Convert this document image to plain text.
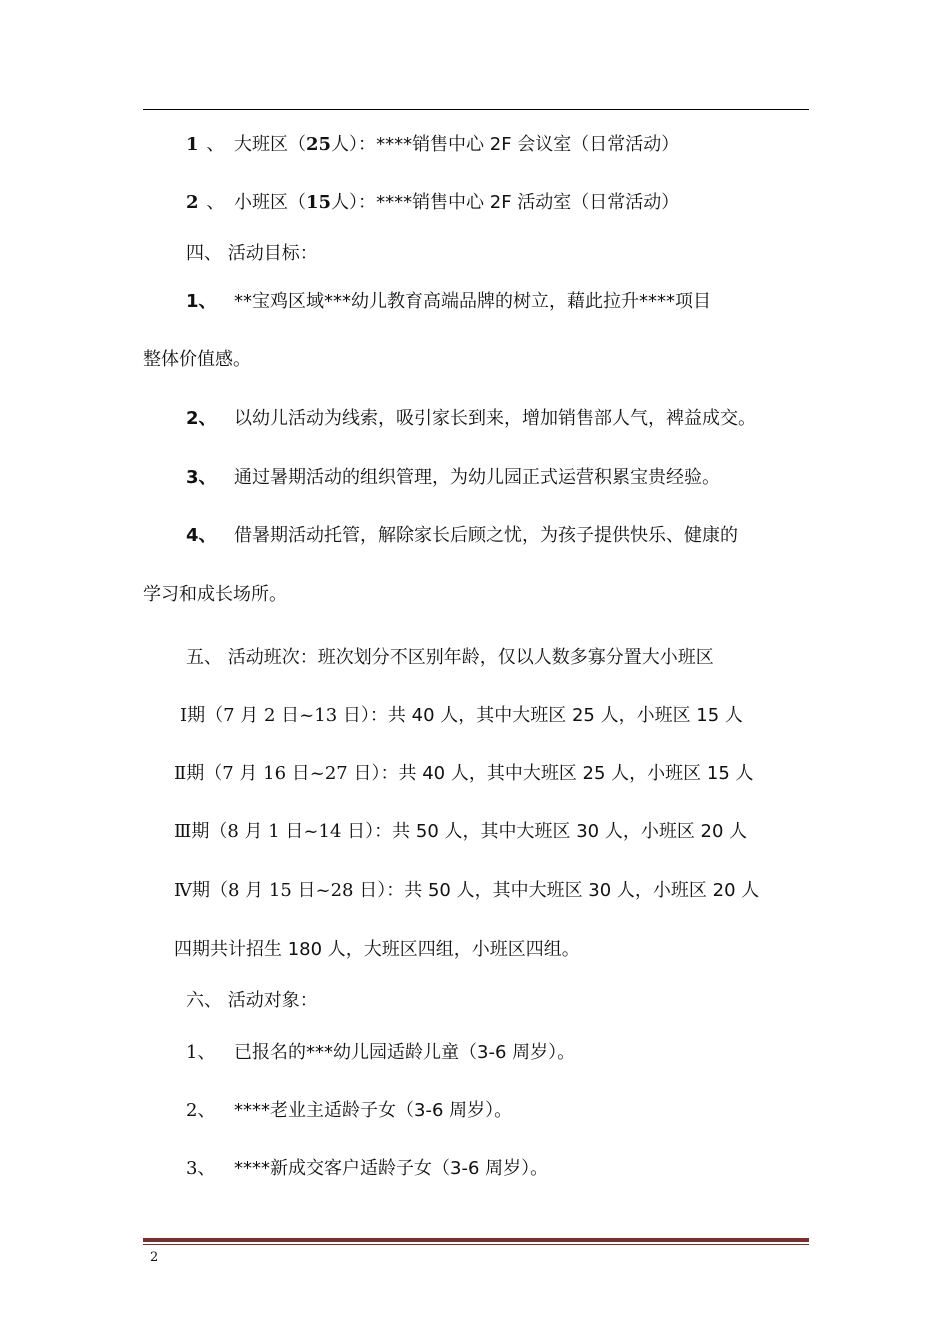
1 、 大班区（25人）：****销售中心 2F 会议室（日常活动）
2 、 小班区（15人）：****销售中心 2F 活动室（日常活动）
四、 活动目标：
1、 **宝鸡区域***幼儿教育高端品牌的树立，藉此拉升****项目
整体价值感。
2、 以幼儿活动为线索，吸引家长到来，增加销售部人气，裨益成交。
3、 通过暑期活动的组织管理，为幼儿园正式运营积累宝贵经验。
4、 借暑期活动托管，解除家长后顾之忧，为孩子提供快乐、健康的
学习和成长场所。
五、 活动班次：班次划分不区别年龄，仅以人数多寡分置大小班区
Ⅰ期（7 月 2 日~13 日）：共 40 人，其中大班区 25 人，小班区 15 人
Ⅱ期（7 月 16 日~27 日）：共 40 人，其中大班区 25 人，小班区 15 人
Ⅲ期（8 月 1 日~14 日）：共 50 人，其中大班区 30 人，小班区 20 人
Ⅳ期（8 月 15 日~28 日）：共 50 人，其中大班区 30 人，小班区 20 人
四期共计招生 180 人，大班区四组，小班区四组。
六、 活动对象：
1、 已报名的***幼儿园适龄儿童（3-6 周岁）。
2、 ****老业主适龄子女（3-6 周岁）。
3、 ****新成交客户适龄子女（3-6 周岁）。
2
